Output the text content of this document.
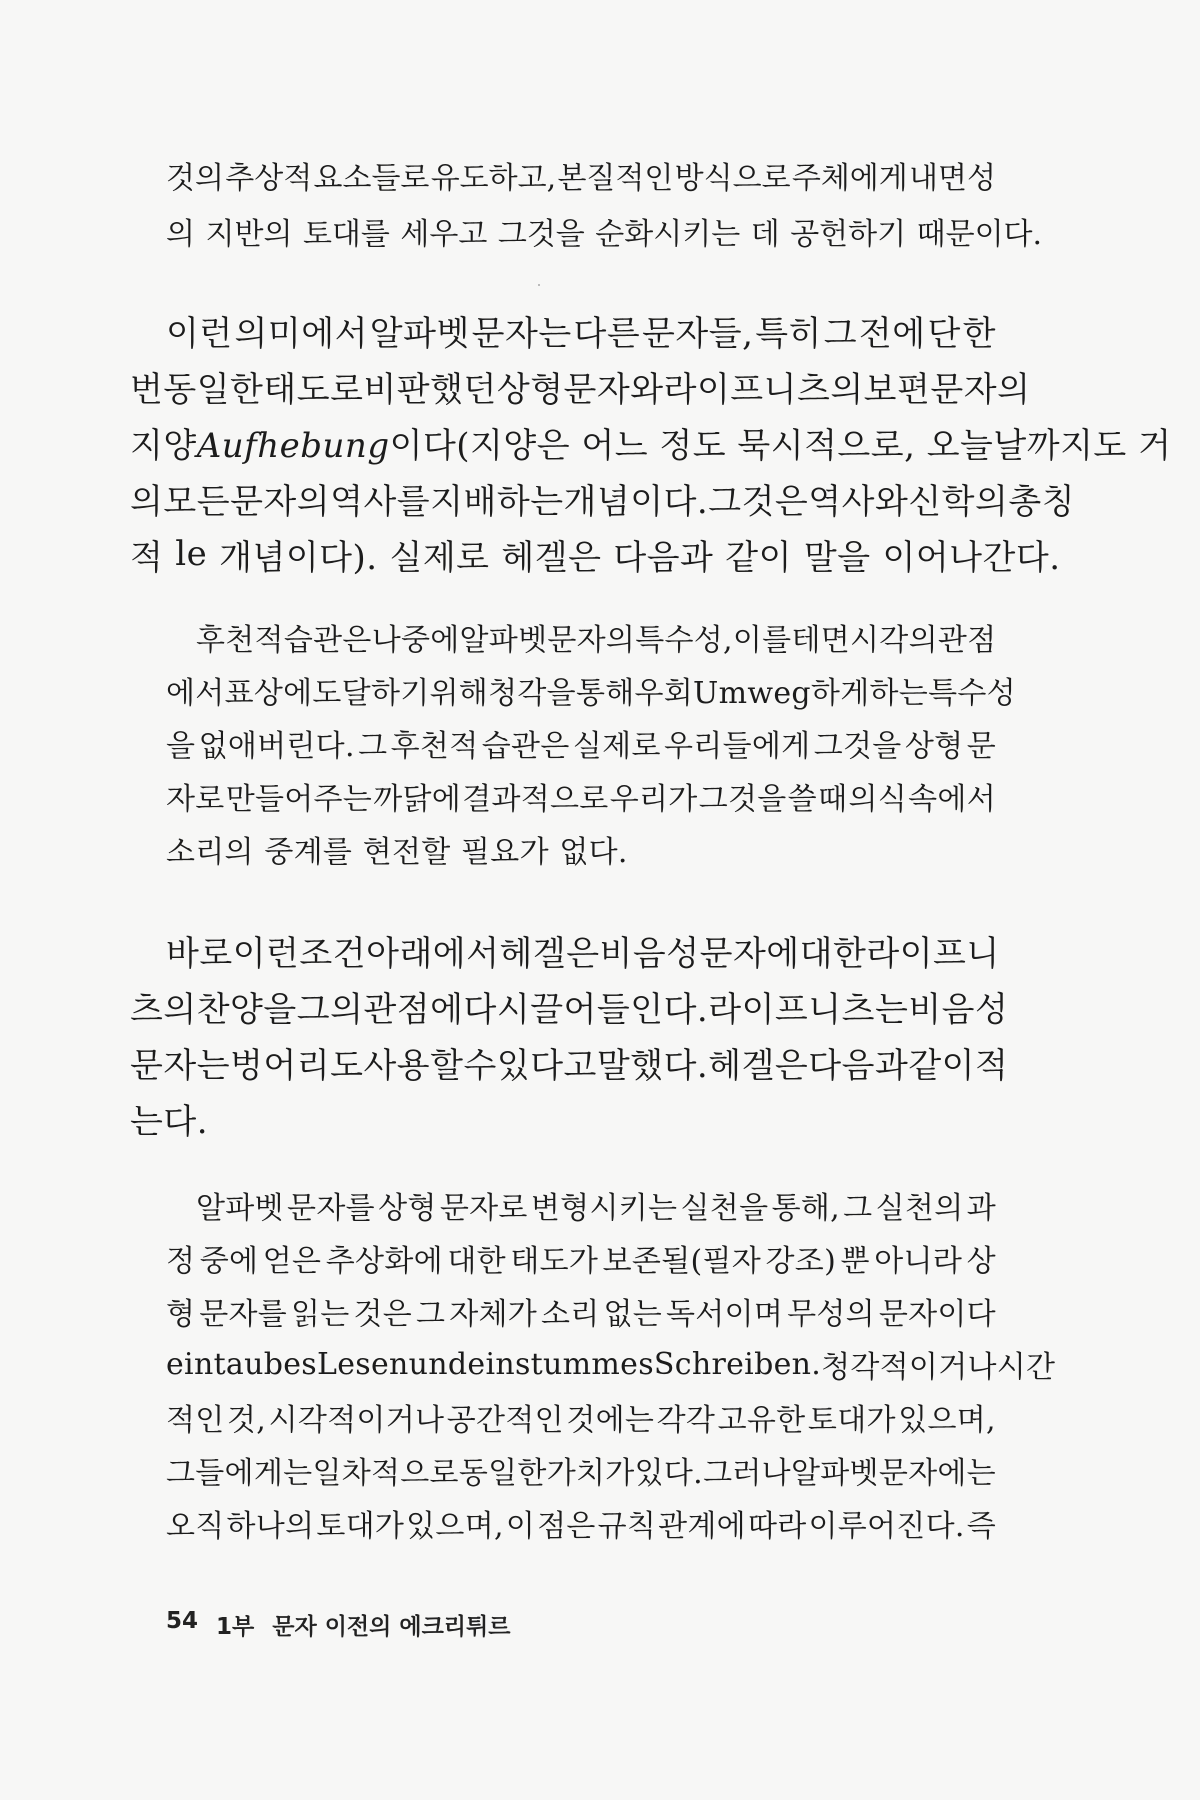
것의 추상적 요소들로 유도하고, 본질적인 방식으로 주체에게 내면성
의 지반의 토대를 세우고 그것을 순화시키는 데 공헌하기 때문이다.
이런 의미에서 알파벳 문자는 다른 문자들, 특히 그 전에 단 한
번 동일한 태도로 비판했던 상형 문자와 라이프니츠의 보편 문자의
지양Aufhebung이다(지양은 어느 정도 묵시적으로, 오늘날까지도 거
의 모든 문자의 역사를 지배하는 개념이다. 그것은 역사와 신학의 총칭
적 le 개념이다). 실제로 헤겔은 다음과 같이 말을 이어나간다.
후천적 습관은 나중에 알파벳 문자의 특수성, 이를테면 시각의 관점
에서 표상에 도달하기 위해 청각을 통해 우회Umweg하게 하는 특수성
을 없애버린다. 그 후천적 습관은 실제로 우리들에게 그것을 상형 문
자로 만들어주는 까닭에 결과적으로 우리가 그것을 쓸 때 의식 속에서
소리의 중계를 현전할 필요가 없다.
바로 이런 조건 아래에서 헤겔은 비음성 문자에 대한 라이프니
츠의 찬양을 그의 관점에 다시 끌어들인다. 라이프니츠는 비음성
문자는 벙어리도 사용할 수 있다고 말했다. 헤겔은 다음과 같이 적
는다.
알파벳 문자를 상형 문자로 변형시키는 실천을 통해, 그 실천의 과
정 중에 얻은 추상화에 대한 태도가 보존될(필자 강조) 뿐 아니라 상
형 문자를 읽는 것은 그 자체가 소리 없는 독서이며 무성의 문자이다
ein taubes Lesen und ein stummes Schreiben. 청각적이거나 시간
적인 것, 시각적이거나 공간적인 것에는 각각 고유한 토대가 있으며,
그들에게는 일차적으로 동일한 가치가 있다. 그러나 알파벳 문자에는
오직 하나의 토대가 있으며, 이 점은 규칙 관계에 따라 이루어진다. 즉
54 1부 문자 이전의 에크리튀르
